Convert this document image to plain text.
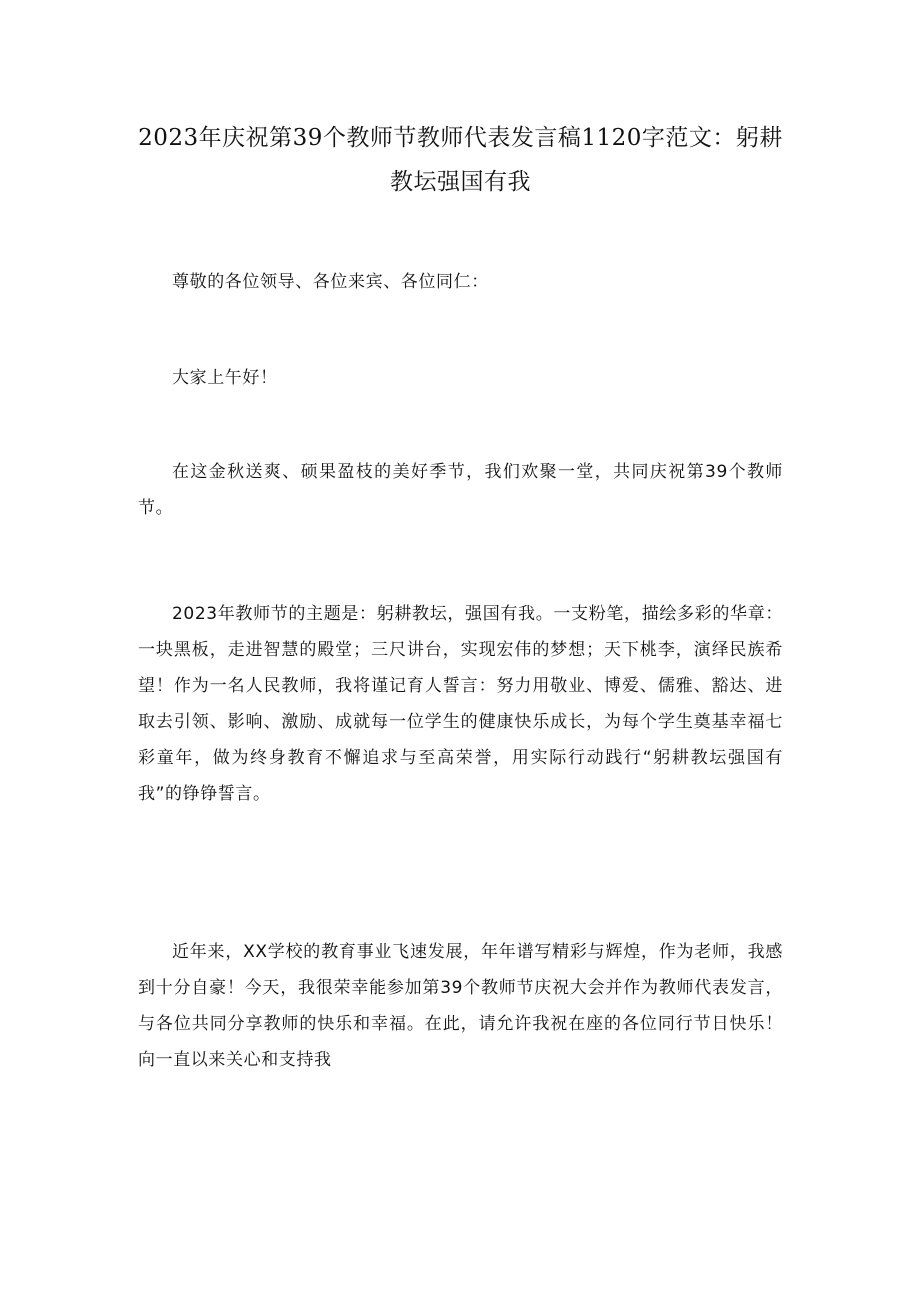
2023年庆祝第39个教师节教师代表发言稿1120字范文：躬耕教坛强国有我

尊敬的各位领导、各位来宾、各位同仁：

大家上午好！

在这金秋送爽、硕果盈枝的美好季节，我们欢聚一堂，共同庆祝第39个教师节。

2023年教师节的主题是：躬耕教坛，强国有我。一支粉笔，描绘多彩的华章：一块黑板，走进智慧的殿堂；三尺讲台，实现宏伟的梦想；天下桃李，演绎民族希望！作为一名人民教师，我将谨记育人誓言：努力用敬业、博爱、儒雅、豁达、进取去引领、影响、激励、成就每一位学生的健康快乐成长，为每个学生奠基幸福七彩童年，做为终身教育不懈追求与至高荣誉，用实际行动践行“躬耕教坛强国有我”的铮铮誓言。

近年来，XX学校的教育事业飞速发展，年年谱写精彩与辉煌，作为老师，我感到十分自豪！今天，我很荣幸能参加第39个教师节庆祝大会并作为教师代表发言，与各位共同分享教师的快乐和幸福。在此，请允许我祝在座的各位同行节日快乐！向一直以来关心和支持我
